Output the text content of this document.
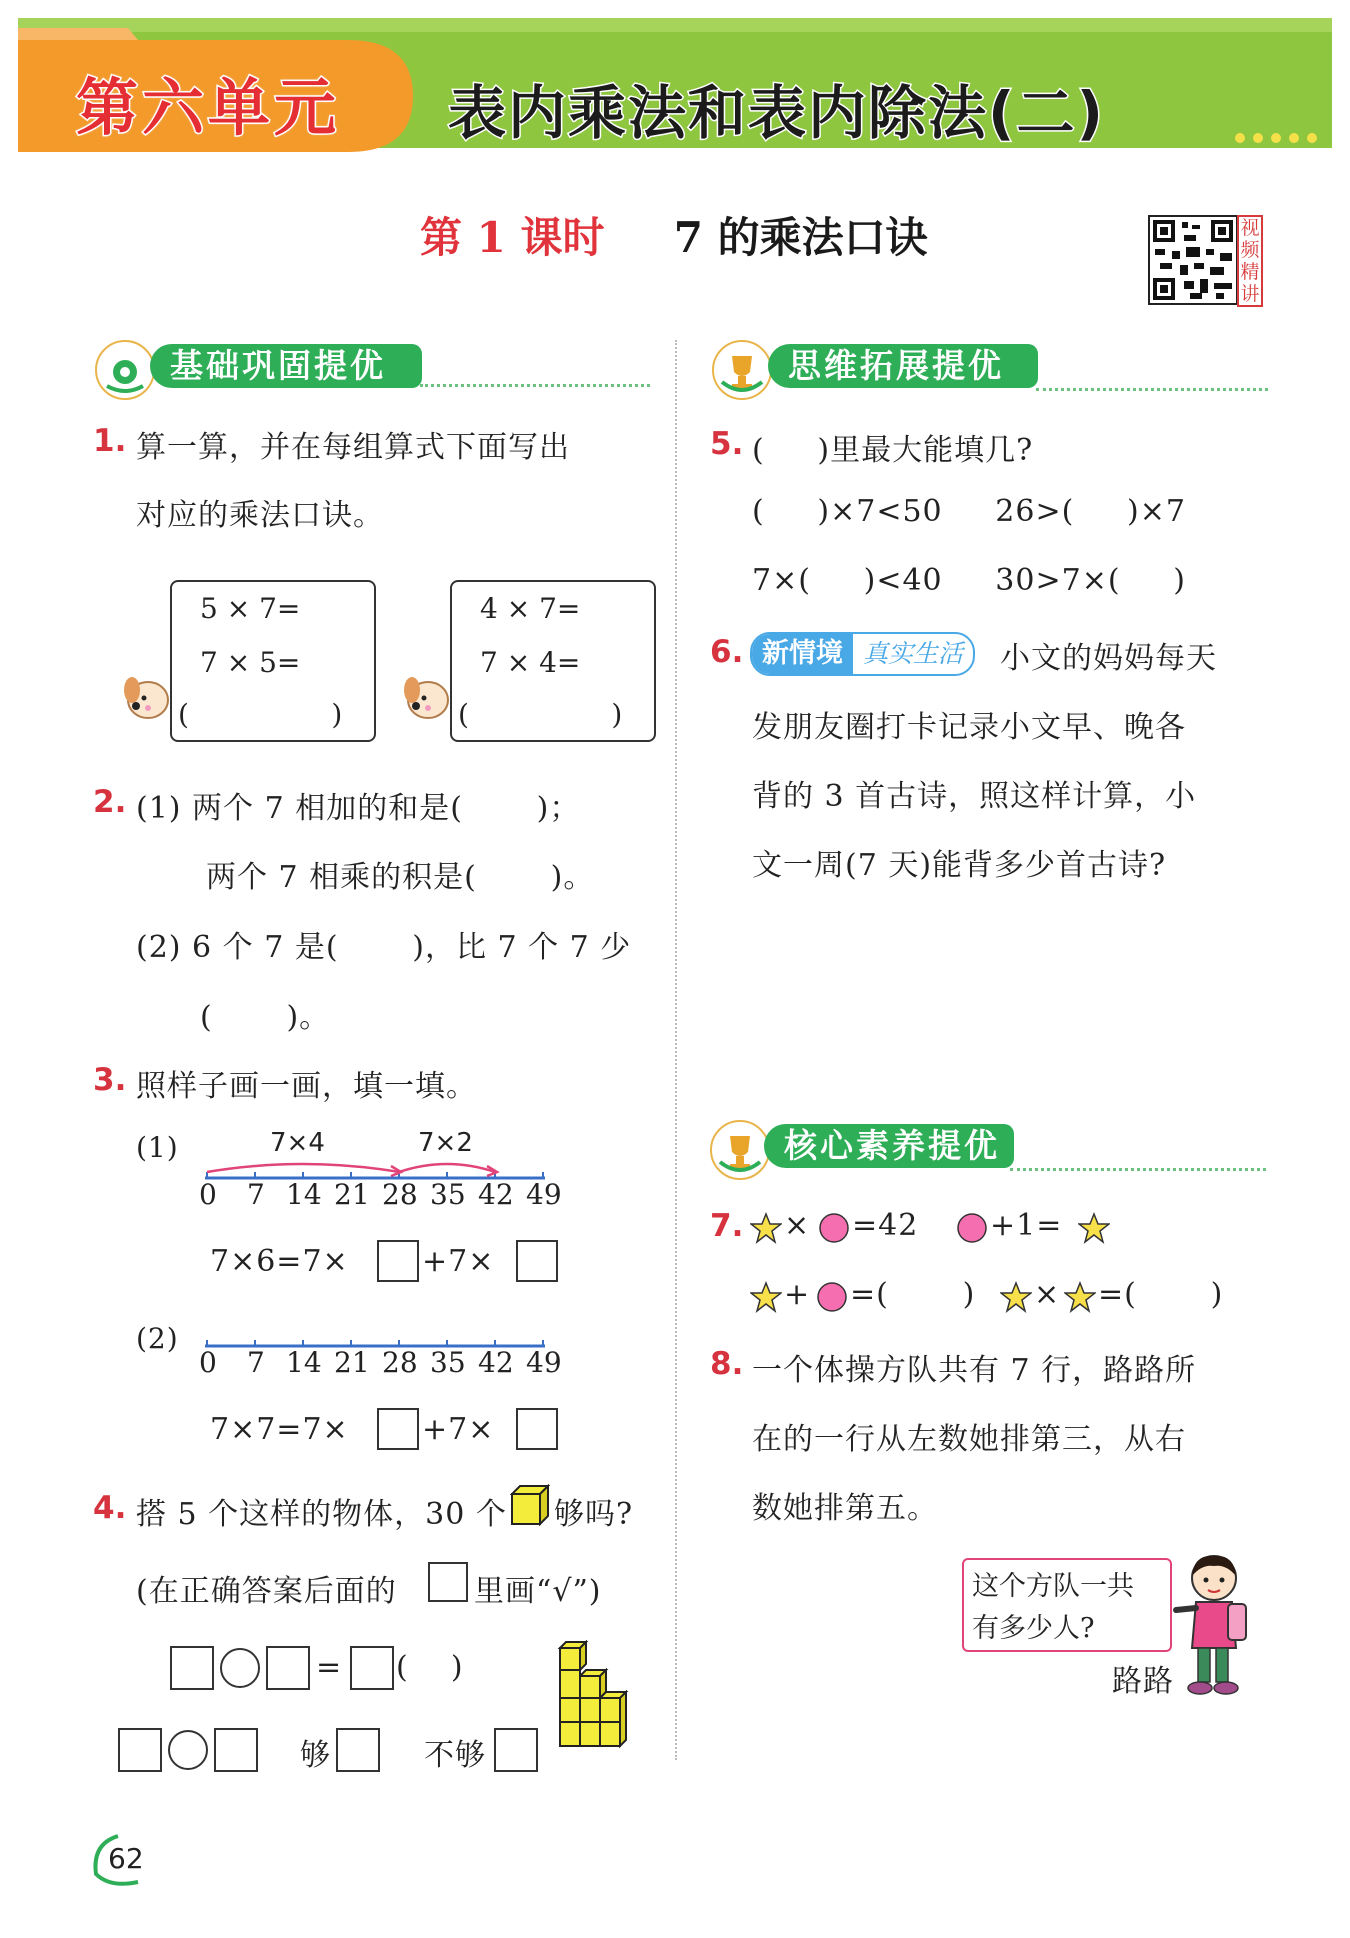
第六单元 表内乘法和表内除法(二)
第 1 课时 7 的乘法口诀	视频精讲
基础巩固提优
1. 算一算，并在每组算式下面写出
对应的乘法口诀。
5 × 7=
7 × 5=
(                )
4 × 7=
7 × 4=
(                )
2. (1) 两个 7 相加的和是(       )；
两个 7 相乘的积是(       )。
(2) 6 个 7 是(       )，比 7 个 7 少
(       )。
3. 照样子画一画，填一填。
(1)	7×4	7×2
0 7 14 21 28 35 42 49
7×6=7× +7×
(2)
0 7 14 21 28 35 42 49
7×7=7× +7×
4. 搭 5 个这样的物体，30 个 够吗?
(在正确答案后面的	里画“√”)
= (    )
够	不够
思维拓展提优
5. (     )里最大能填几?
(     )×7<50     26>(     )×7
7×(     )<40     30>7×(     )
6. 新情境 真实生活	小文的妈妈每天
发朋友圈打卡记录小文早、晚各
背的 3 首古诗，照这样计算，小
文一周(7 天)能背多少首古诗?
核心素养提优
7. × =42 +1=
+ =(       ) × =(       )
8. 一个体操方队共有 7 行，路路所
在的一行从左数她排第三，从右
数她排第五。
这个方队一共
有多少人?
路路
62
